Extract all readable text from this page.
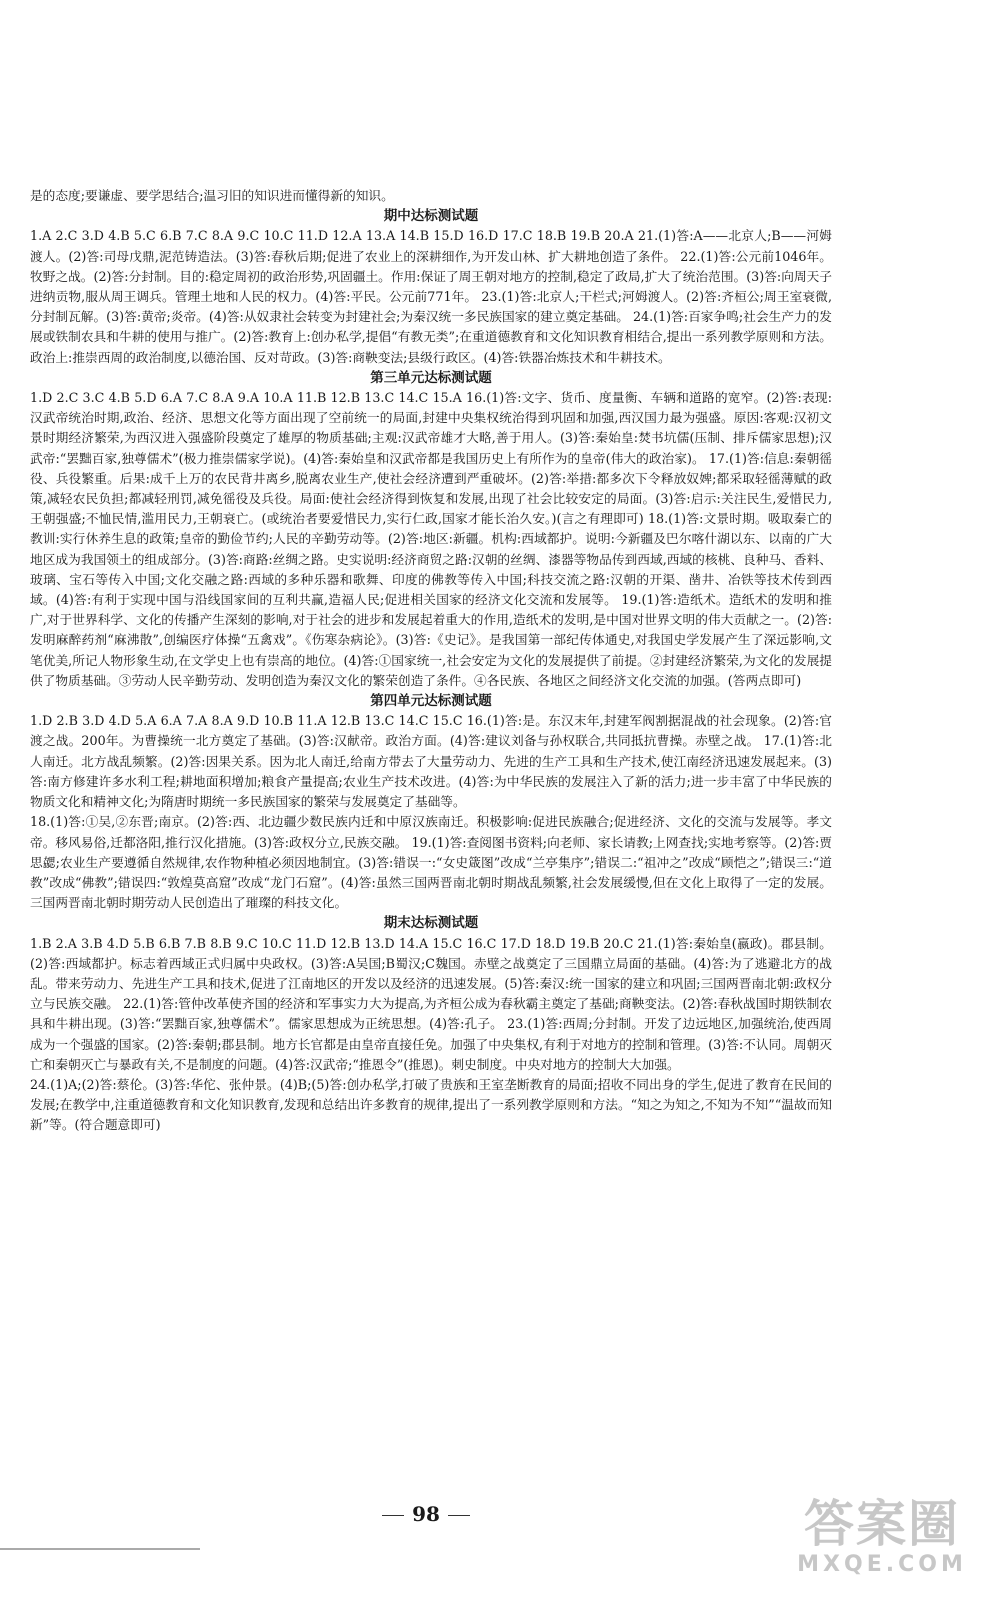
是的态度;要谦虚、要学思结合;温习旧的知识进而懂得新的知识。

期中达标测试题

1.A 2.C 3.D 4.B 5.C 6.B 7.C 8.A 9.C 10.C 11.D 12.A 13.A 14.B 15.D 16.D 17.C 18.B 19.B 20.A 21.(1)答:A——北京人;B——河姆渡人。(2)答:司母戊鼎,泥范铸造法。(3)答:春秋后期;促进了农业上的深耕细作,为开发山林、扩大耕地创造了条件。 22.(1)答:公元前1046年。牧野之战。(2)答:分封制。目的:稳定周初的政治形势,巩固疆土。作用:保证了周王朝对地方的控制,稳定了政局,扩大了统治范围。(3)答:向周天子进纳贡物,服从周王调兵。管理土地和人民的权力。(4)答:平民。公元前771年。 23.(1)答:北京人;干栏式;河姆渡人。(2)答:齐桓公;周王室衰微,分封制瓦解。(3)答:黄帝;炎帝。(4)答:从奴隶社会转变为封建社会;为秦汉统一多民族国家的建立奠定基础。 24.(1)答:百家争鸣;社会生产力的发展或铁制农具和牛耕的使用与推广。(2)答:教育上:创办私学,提倡“有教无类”;在重道德教育和文化知识教育相结合,提出一系列教学原则和方法。政治上:推崇西周的政治制度,以德治国、反对苛政。(3)答:商鞅变法;县级行政区。(4)答:铁器冶炼技术和牛耕技术。

第三单元达标测试题

1.D 2.C 3.C 4.B 5.D 6.A 7.C 8.A 9.A 10.A 11.B 12.B 13.C 14.C 15.A 16.(1)答:文字、货币、度量衡、车辆和道路的宽窄。(2)答:表现:汉武帝统治时期,政治、经济、思想文化等方面出现了空前统一的局面,封建中央集权统治得到巩固和加强,西汉国力最为强盛。原因:客观:汉初文景时期经济繁荣,为西汉进入强盛阶段奠定了雄厚的物质基础;主观:汉武帝雄才大略,善于用人。(3)答:秦始皇:焚书坑儒(压制、排斥儒家思想);汉武帝:“罢黜百家,独尊儒术”(极力推崇儒家学说)。(4)答:秦始皇和汉武帝都是我国历史上有所作为的皇帝(伟大的政治家)。 17.(1)答:信息:秦朝徭役、兵役繁重。后果:成千上万的农民背井离乡,脱离农业生产,使社会经济遭到严重破坏。(2)答:举措:都多次下令释放奴婢;都采取轻徭薄赋的政策,减轻农民负担;都减轻刑罚,减免徭役及兵役。局面:使社会经济得到恢复和发展,出现了社会比较安定的局面。(3)答:启示:关注民生,爱惜民力,王朝强盛;不恤民情,滥用民力,王朝衰亡。(或统治者要爱惜民力,实行仁政,国家才能长治久安。)(言之有理即可) 18.(1)答:文景时期。吸取秦亡的教训:实行休养生息的政策;皇帝的勤俭节约;人民的辛勤劳动等。(2)答:地区:新疆。机构:西域都护。说明:今新疆及巴尔喀什湖以东、以南的广大地区成为我国领土的组成部分。(3)答:商路:丝绸之路。史实说明:经济商贸之路:汉朝的丝绸、漆器等物品传到西域,西域的核桃、良种马、香料、玻璃、宝石等传入中国;文化交融之路:西域的多种乐器和歌舞、印度的佛教等传入中国;科技交流之路:汉朝的开渠、凿井、冶铁等技术传到西域。(4)答:有利于实现中国与沿线国家间的互利共赢,造福人民;促进相关国家的经济文化交流和发展等。 19.(1)答:造纸术。造纸术的发明和推广,对于世界科学、文化的传播产生深刻的影响,对于社会的进步和发展起着重大的作用,造纸术的发明,是中国对世界文明的伟大贡献之一。(2)答:发明麻醉药剂“麻沸散”,创编医疗体操“五禽戏”。《伤寒杂病论》。(3)答:《史记》。是我国第一部纪传体通史,对我国史学发展产生了深远影响,文笔优美,所记人物形象生动,在文学史上也有崇高的地位。(4)答:①国家统一,社会安定为文化的发展提供了前提。②封建经济繁荣,为文化的发展提供了物质基础。③劳动人民辛勤劳动、发明创造为秦汉文化的繁荣创造了条件。④各民族、各地区之间经济文化交流的加强。(答两点即可)

第四单元达标测试题

1.D 2.B 3.D 4.D 5.A 6.A 7.A 8.A 9.D 10.B 11.A 12.B 13.C 14.C 15.C 16.(1)答:是。东汉末年,封建军阀割据混战的社会现象。(2)答:官渡之战。200年。为曹操统一北方奠定了基础。(3)答:汉献帝。政治方面。(4)答:建议刘备与孙权联合,共同抵抗曹操。赤壁之战。 17.(1)答:北人南迁。北方战乱频繁。(2)答:因果关系。因为北人南迁,给南方带去了大量劳动力、先进的生产工具和生产技术,使江南经济迅速发展起来。(3)答:南方修建许多水利工程;耕地面积增加;粮食产量提高;农业生产技术改进。(4)答:为中华民族的发展注入了新的活力;进一步丰富了中华民族的物质文化和精神文化;为隋唐时期统一多民族国家的繁荣与发展奠定了基础等。

18.(1)答:①吴,②东晋;南京。(2)答:西、北边疆少数民族内迁和中原汉族南迁。积极影响:促进民族融合;促进经济、文化的交流与发展等。孝文帝。移风易俗,迁都洛阳,推行汉化措施。(3)答:政权分立,民族交融。 19.(1)答:查阅图书资料;向老师、家长请教;上网查找;实地考察等。(2)答:贾思勰;农业生产要遵循自然规律,农作物种植必须因地制宜。(3)答:错误一:“女史箴图”改成“兰亭集序”;错误二:“祖冲之”改成“顾恺之”;错误三:“道教”改成“佛教”;错误四:“敦煌莫高窟”改成“龙门石窟”。(4)答:虽然三国两晋南北朝时期战乱频繁,社会发展缓慢,但在文化上取得了一定的发展。 三国两晋南北朝时期劳动人民创造出了璀璨的科技文化。

期末达标测试题

1.B 2.A 3.B 4.D 5.B 6.B 7.B 8.B 9.C 10.C 11.D 12.B 13.D 14.A 15.C 16.C 17.D 18.D 19.B 20.C 21.(1)答:秦始皇(嬴政)。郡县制。(2)答:西域都护。标志着西域正式归属中央政权。(3)答:A吴国;B蜀汉;C魏国。赤壁之战奠定了三国鼎立局面的基础。(4)答:为了逃避北方的战乱。带来劳动力、先进生产工具和技术,促进了江南地区的开发以及经济的迅速发展。(5)答:秦汉:统一国家的建立和巩固;三国两晋南北朝:政权分立与民族交融。 22.(1)答:管仲改革使齐国的经济和军事实力大为提高,为齐桓公成为春秋霸主奠定了基础;商鞅变法。(2)答:春秋战国时期铁制农具和牛耕出现。(3)答:“罢黜百家,独尊儒术”。儒家思想成为正统思想。(4)答:孔子。 23.(1)答:西周;分封制。开发了边远地区,加强统治,使西周成为一个强盛的国家。(2)答:秦朝;郡县制。地方长官都是由皇帝直接任免。加强了中央集权,有利于对地方的控制和管理。(3)答:不认同。周朝灭亡和秦朝灭亡与暴政有关,不是制度的问题。(4)答:汉武帝;“推恩令”(推恩)。刺史制度。中央对地方的控制大大加强。

24.(1)A;(2)答:蔡伦。(3)答:华佗、张仲景。(4)B;(5)答:创办私学,打破了贵族和王室垄断教育的局面;招收不同出身的学生,促进了教育在民间的发展;在教学中,注重道德教育和文化知识教育,发现和总结出许多教育的规律,提出了一系列教学原则和方法。“知之为知之,不知为不知”“温故而知新”等。(符合题意即可)

98	答案圈
MXQE.COM
